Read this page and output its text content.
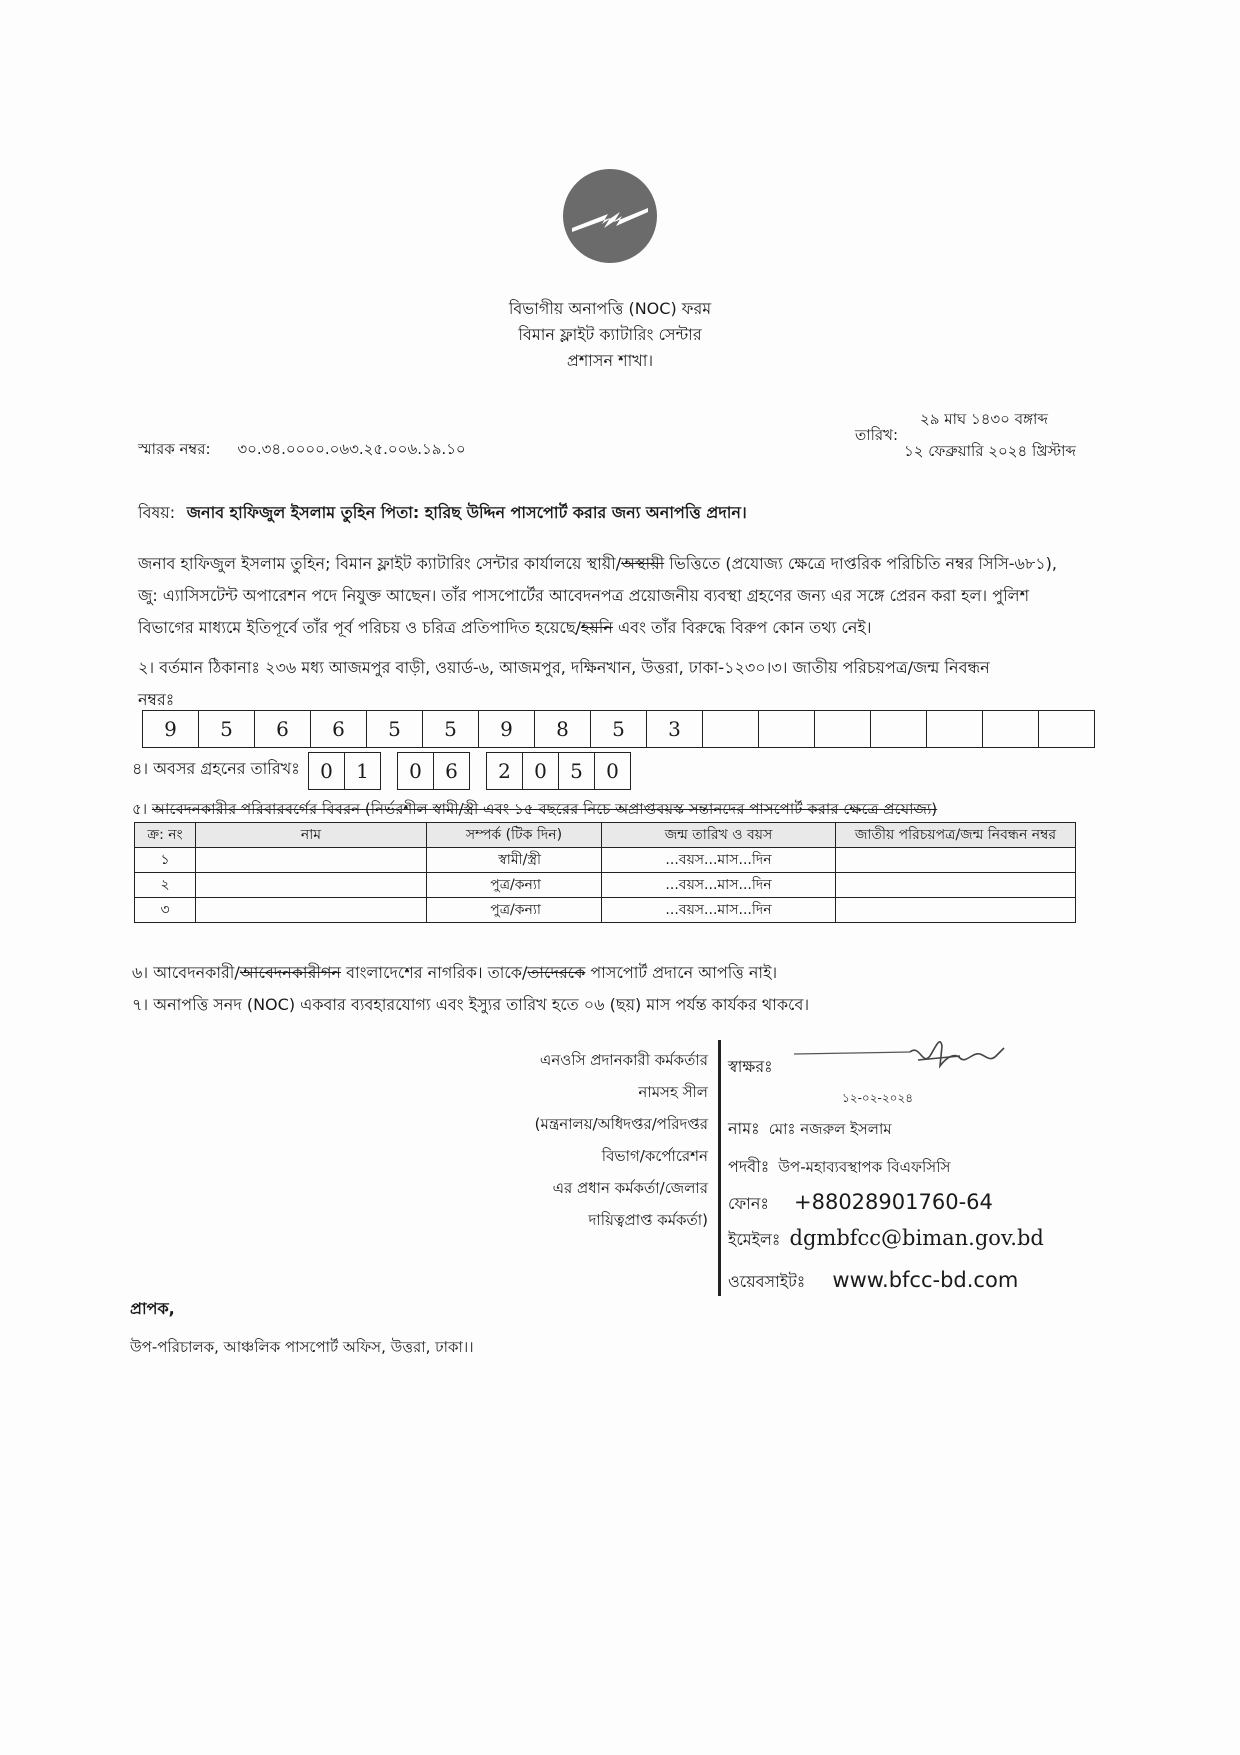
বিভাগীয় অনাপত্তি (NOC) ফরম
বিমান ফ্লাইট ক্যাটারিং সেন্টার
প্রশাসন শাখা।
স্মারক নম্বর: ৩০.৩৪.০০০০.০৬৩.২৫.০০৬.১৯.১০
২৯ মাঘ ১৪৩০ বঙ্গাব্দ
তারিখ:
১২ ফেব্রুয়ারি ২০২৪ খ্রিস্টাব্দ
বিষয়: জনাব হাফিজুল ইসলাম তুহিন পিতা: হারিছ উদ্দিন পাসপোর্ট করার জন্য অনাপত্তি প্রদান।
জনাব হাফিজুল ইসলাম তুহিন; বিমান ফ্লাইট ক্যাটারিং সেন্টার কার্যালয়ে স্থায়ী/অস্থায়ী ভিত্তিতে (প্রযোজ্য ক্ষেত্রে দাপ্তরিক পরিচিতি নম্বর সিসি-৬৮১),
জু: এ্যাসিসটেন্ট অপারেশন পদে নিযুক্ত আছেন। তাঁর পাসপোর্টের আবেদনপত্র প্রয়োজনীয় ব্যবস্থা গ্রহণের জন্য এর সঙ্গে প্রেরন করা হল। পুলিশ
বিভাগের মাধ্যমে ইতিপূর্বে তাঁর পূর্ব পরিচয় ও চরিত্র প্রতিপাদিত হয়েছে/হয়নি এবং তাঁর বিরুদ্ধে বিরুপ কোন তথ্য নেই।
২। বর্তমান ঠিকানাঃ ২৩৬ মধ্য আজমপুর বাড়ী, ওয়ার্ড-৬, আজমপুর, দক্ষিনখান, উত্তরা, ঢাকা-১২৩০।৩। জাতীয় পরিচয়পত্র/জন্ম নিবন্ধন
নম্বরঃ
9	5	6	6	5	5	9	8	5	3							
৪। অবসর গ্রহনের তারিখঃ 0	1		0	6		2	0	5	0
৫। আবেদনকারীর পরিবারবর্গের বিবরন (নির্ভরশীল স্বামী/স্ত্রী এবং ১৫ বছরের নিচে অপ্রাপ্তবয়স্ক সন্তানদের পাসপোর্ট করার ক্ষেত্রে প্রযোজ্য)
ক্র: নং	নাম	সম্পর্ক (টিক দিন)	জন্ম তারিখ ও বয়স	জাতীয় পরিচয়পত্র/জন্ম নিবন্ধন নম্বর
১		স্বামী/স্ত্রী	...বয়স...মাস...দিন	
২		পুত্র/কন্যা	...বয়স...মাস...দিন	
৩		পুত্র/কন্যা	...বয়স...মাস...দিন	
৬। আবেদনকারী/আবেদনকারীগন বাংলাদেশের নাগরিক। তাকে/তাদেরকে পাসপোর্ট প্রদানে আপত্তি নাই।
৭। অনাপত্তি সনদ (NOC) একবার ব্যবহারযোগ্য এবং ইস্যুর তারিখ হতে ০৬ (ছয়) মাস পর্যন্ত কার্যকর থাকবে।
এনওসি প্রদানকারী কর্মকর্তার
নামসহ সীল
(মন্ত্রনালয়/অধিদপ্তর/পরিদপ্তর
বিভাগ/কর্পোরেশন
এর প্রধান কর্মকর্তা/জেলার
দায়িত্বপ্রাপ্ত কর্মকর্তা)
স্বাক্ষরঃ
১২-০২-২০২৪
নামঃ মোঃ নজরুল ইসলাম
পদবীঃ উপ-মহাব্যবস্থাপক বিএফসিসি
ফোনঃ +88028901760-64
ইমেইলঃ dgmbfcc@biman.gov.bd
ওয়েবসাইটঃ www.bfcc-bd.com
প্রাপক,
উপ-পরিচালক, আঞ্চলিক পাসপোর্ট অফিস, উত্তরা, ঢাকা।।
